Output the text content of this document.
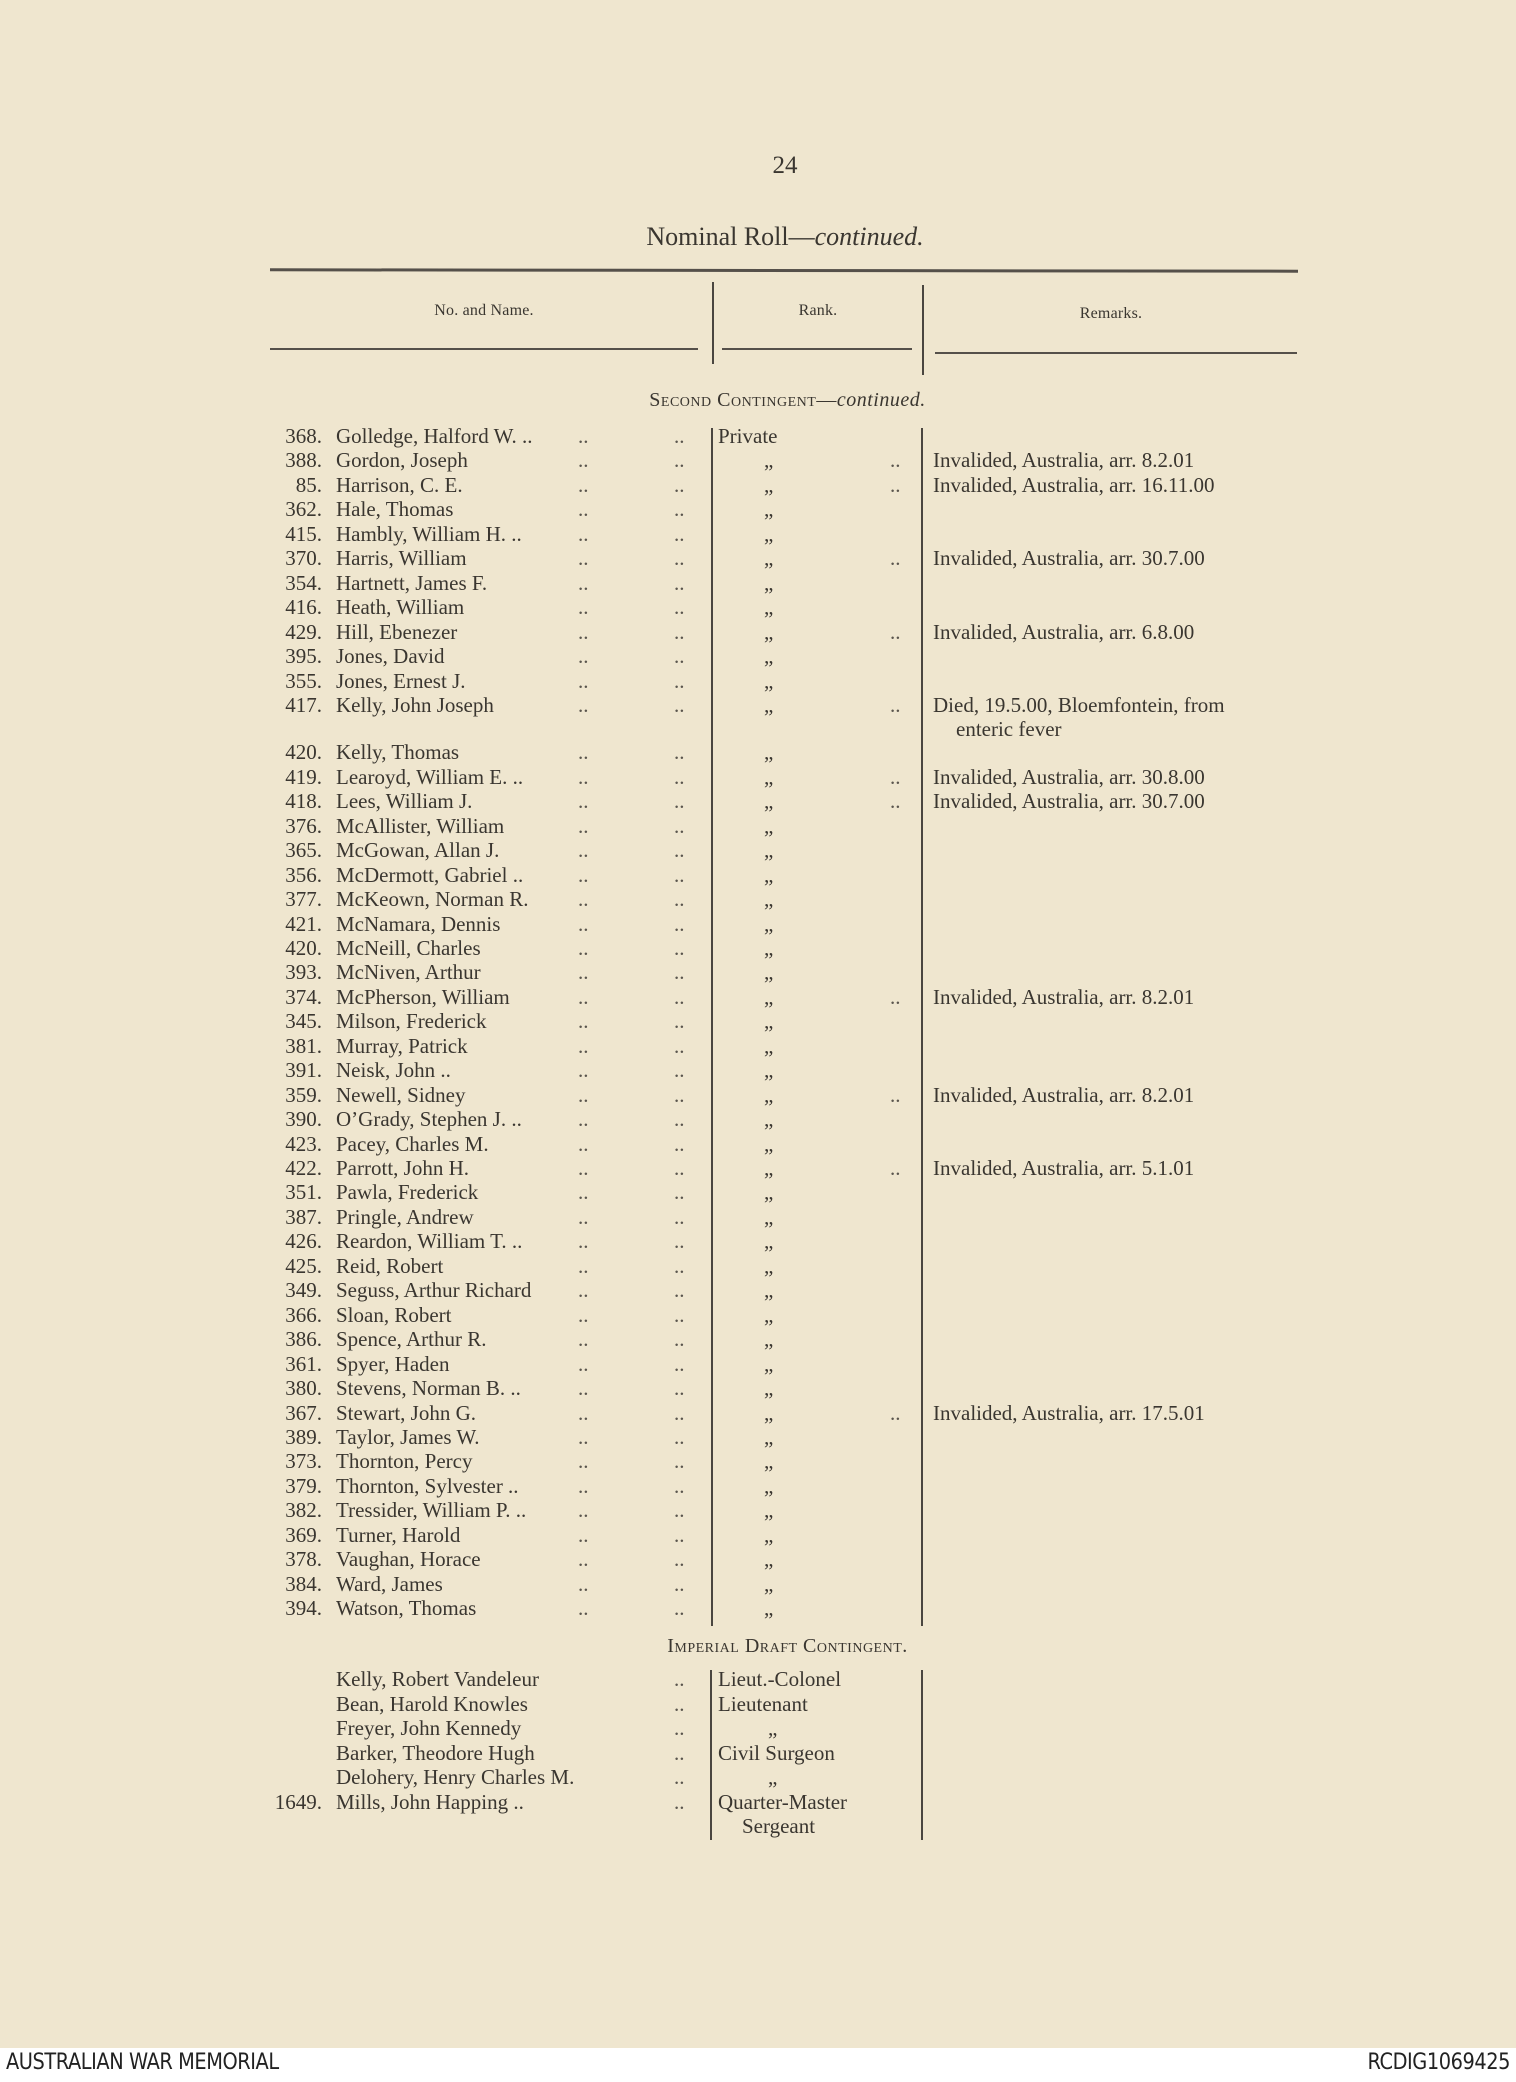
24
Nominal Roll—continued.
No. and Name.	Rank.	Remarks.
Second Contingent—continued.
368. Golledge, Halford W. .. ..	.. Private
388. Gordon, Joseph	..	..	„	.. Invalided, Australia, arr. 8.2.01
85. Harrison, C. E.	..	..	„	.. Invalided, Australia, arr. 16.11.00
362. Hale, Thomas	..	..	„
415. Hambly, William H. ..	..	..	„
370. Harris, William	..	..	„	.. Invalided, Australia, arr. 30.7.00
354. Hartnett, James F.	..	..	„
416. Heath, William	..	..	„
429. Hill, Ebenezer	..	..	„	.. Invalided, Australia, arr. 6.8.00
395. Jones, David	..	..	„
355. Jones, Ernest J.	..	..	„
417. Kelly, John Joseph	..	..	„	.. Died, 19.5.00, Bloemfontein, from
enteric fever
420. Kelly, Thomas	..	..	„
419. Learoyd, William E. ..	..	..	„	.. Invalided, Australia, arr. 30.8.00
418. Lees, William J.	..	..	„	.. Invalided, Australia, arr. 30.7.00
376. McAllister, William	..	..	„
365. McGowan, Allan J.	..	..	„
356. McDermott, Gabriel ..	..	..	„
377. McKeown, Norman R. ..	..	„
421. McNamara, Dennis	..	..	„
420. McNeill, Charles	..	..	„
393. McNiven, Arthur	..	..	„
374. McPherson, William	..	..	„	.. Invalided, Australia, arr. 8.2.01
345. Milson, Frederick	..	..	„
381. Murray, Patrick	..	..	„
391. Neisk, John ..	..	..	„
359. Newell, Sidney	..	..	„	.. Invalided, Australia, arr. 8.2.01
390. O’Grady, Stephen J. ..	..	..	„
423. Pacey, Charles M.	..	..	„
422. Parrott, John H.	..	..	„	.. Invalided, Australia, arr. 5.1.01
351. Pawla, Frederick	..	..	„
387. Pringle, Andrew	..	..	„
426. Reardon, William T. ..	..	..	„
425. Reid, Robert	..	..	„
349. Seguss, Arthur Richard ..	..	„
366. Sloan, Robert	..	..	„
386. Spence, Arthur R.	..	..	„
361. Spyer, Haden	..	..	„
380. Stevens, Norman B. ..	..	..	„
367. Stewart, John G.	..	..	„	.. Invalided, Australia, arr. 17.5.01
389. Taylor, James W.	..	..	„
373. Thornton, Percy	..	..	„
379. Thornton, Sylvester ..	..	..	„
382. Tressider, William P. .. ..	..	„
369. Turner, Harold	..	..	„
378. Vaughan, Horace	..	..	„
384. Ward, James	..	..	„
394. Watson, Thomas	..	..	„
Imperial Draft Contingent.
Kelly, Robert Vandeleur	.. Lieut.-Colonel
Bean, Harold Knowles	.. Lieutenant
Freyer, John Kennedy	..	„
Barker, Theodore Hugh	.. Civil Surgeon
Delohery, Henry Charles M.	..	„
1649. Mills, John Happing ..	.. Quarter-Master
Sergeant
AUSTRALIAN WAR MEMORIAL	RCDIG1069425
